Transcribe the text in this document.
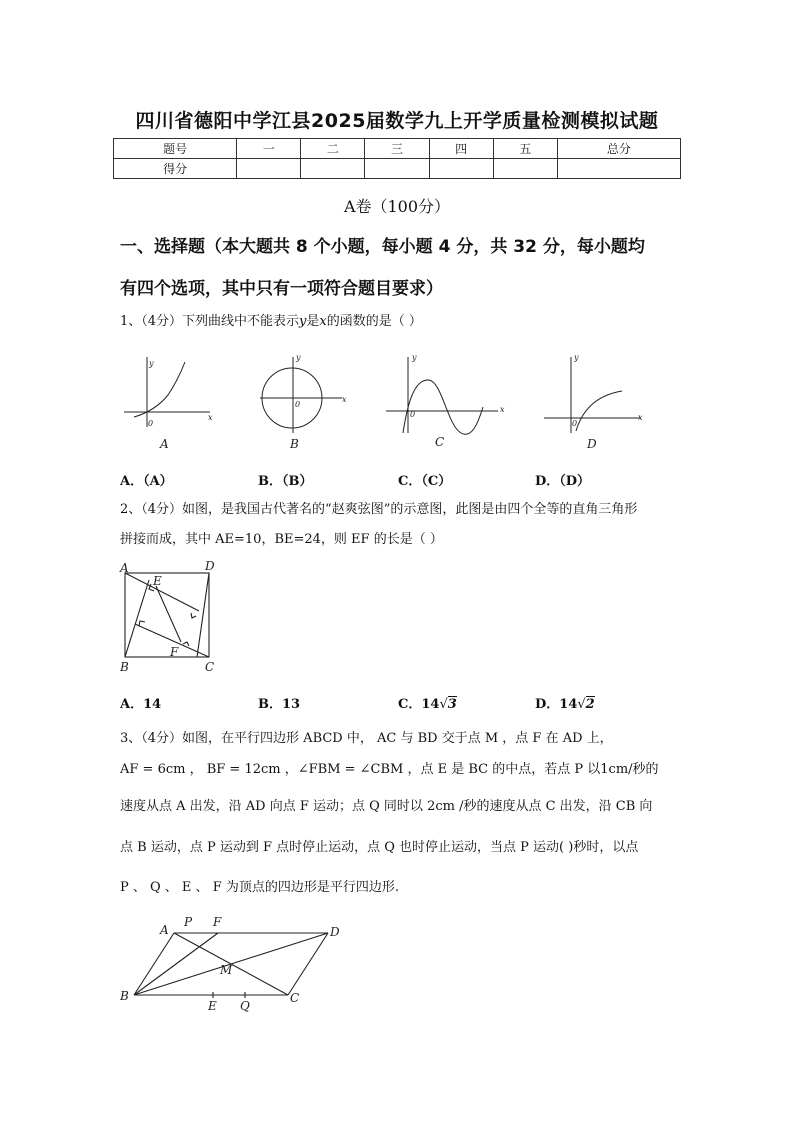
四川省德阳中学江县2025届数学九上开学质量检测模拟试题
题号	一	二	三	四	五	总分
得分						
A卷（100分）
一、选择题（本大题共 8 个小题，每小题 4 分，共 32 分，每小题均
有四个选项，其中只有一项符合题目要求）
1、（4分）下列曲线中不能表示y是x的函数的是（ ）
x
y
0
x
y
0
x
y
0	x
y
0
A	B	C	D
A．（A）	B．（B）	C．（C）	D．（D）
2、（4分）如图，是我国古代著名的“赵爽弦图”的示意图，此图是由四个全等的直角三角形
拼接而成，其中 AE=10，BE=24，则 EF 的长是（ ）
A	D
E
F
B	C
A．14	B．13	C．14√3	D．14√2
3、（4分）如图，在平行四边形 ABCD 中， AC 与 BD 交于点 M ，点 F 在 AD 上，
AF = 6cm ， BF = 12cm ，∠FBM = ∠CBM ，点 E 是 BC 的中点，若点 P 以1cm/秒的
速度从点 A 出发，沿 AD 向点 F 运动；点 Q 同时以 2cm /秒的速度从点 C 出发，沿 CB 向
点 B 运动，点 P 运动到 F 点时停止运动，点 Q 也时停止运动，当点 P 运动( )秒时，以点
P 、 Q 、 E 、 F 为顶点的四边形是平行四边形.
A
P F
D
M
B
E Q
C
